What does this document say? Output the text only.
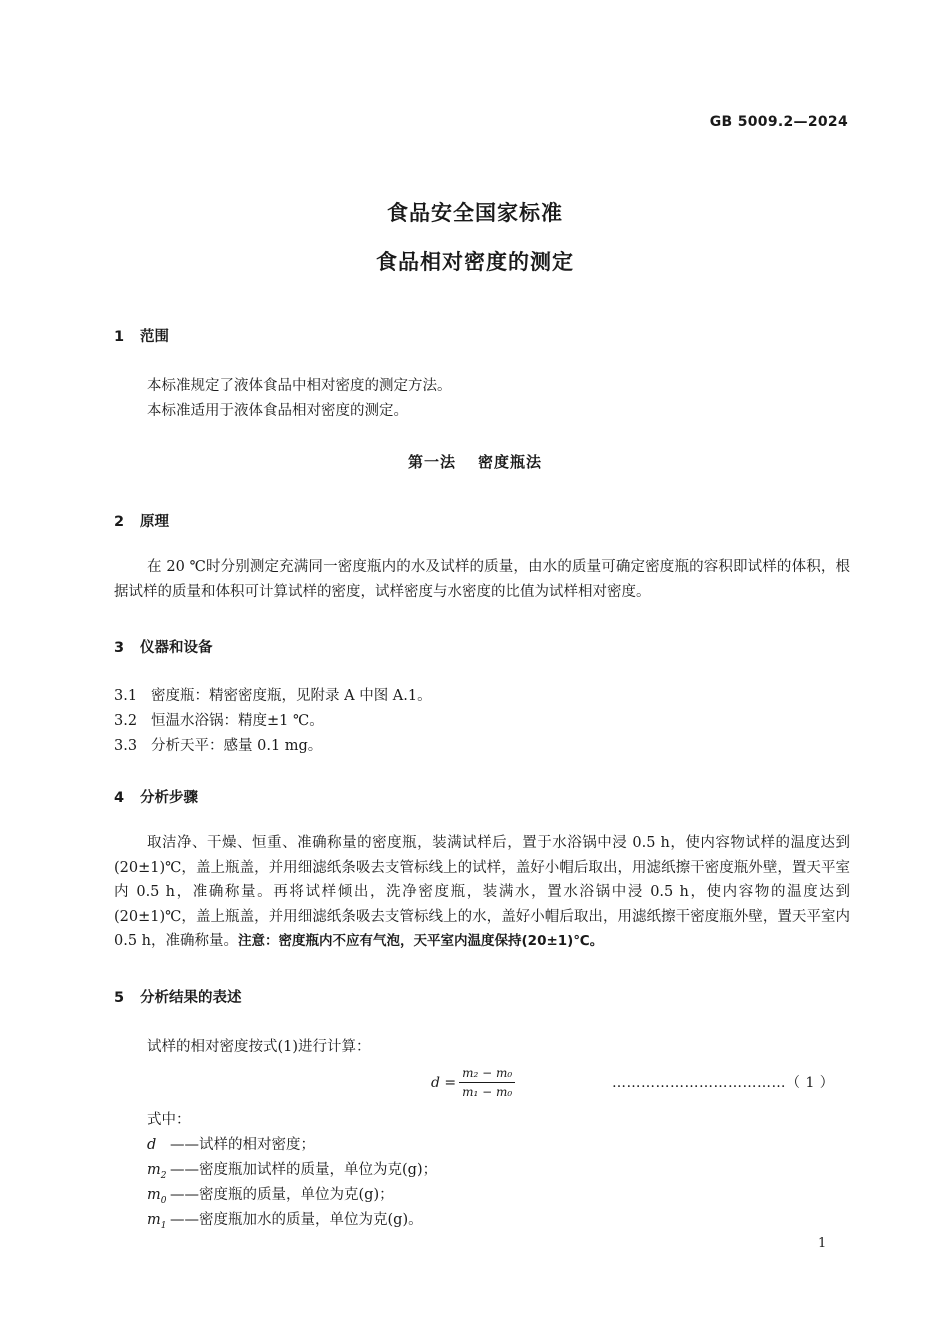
GB 5009.2—2024
食品安全国家标准
食品相对密度的测定
1 范围
本标准规定了液体食品中相对密度的测定方法。
本标准适用于液体食品相对密度的测定。
第一法 密度瓶法
2 原理
在 20 ℃时分别测定充满同一密度瓶内的水及试样的质量，由水的质量可确定密度瓶的容积即试样的体积，根据试样的质量和体积可计算试样的密度，试样密度与水密度的比值为试样相对密度。
3 仪器和设备
3.1 密度瓶：精密密度瓶，见附录 A 中图 A.1。
3.2 恒温水浴锅：精度±1 ℃。
3.3 分析天平：感量 0.1 mg。
4 分析步骤
取洁净、干燥、恒重、准确称量的密度瓶，装满试样后，置于水浴锅中浸 0.5 h，使内容物试样的温度达到(20±1)℃，盖上瓶盖，并用细滤纸条吸去支管标线上的试样，盖好小帽后取出，用滤纸擦干密度瓶外壁，置天平室内 0.5 h，准确称量。再将试样倾出，洗净密度瓶，装满水，置水浴锅中浸 0.5 h，使内容物的温度达到(20±1)℃，盖上瓶盖，并用细滤纸条吸去支管标线上的水，盖好小帽后取出，用滤纸擦干密度瓶外壁，置天平室内 0.5 h，准确称量。注意：密度瓶内不应有气泡，天平室内温度保持(20±1)℃。
5 分析结果的表述
试样的相对密度按式(1)进行计算：
$d = \frac{\text{m₂ − m₀}}{\text{m₁ − m₀}}$	………………………………（ 1 ）
式中：
d ——试样的相对密度；
$m_2$ ——密度瓶加试样的质量，单位为克(g)；
$m_0$ ——密度瓶的质量，单位为克(g)；
$m_1$ ——密度瓶加水的质量，单位为克(g)。
1
